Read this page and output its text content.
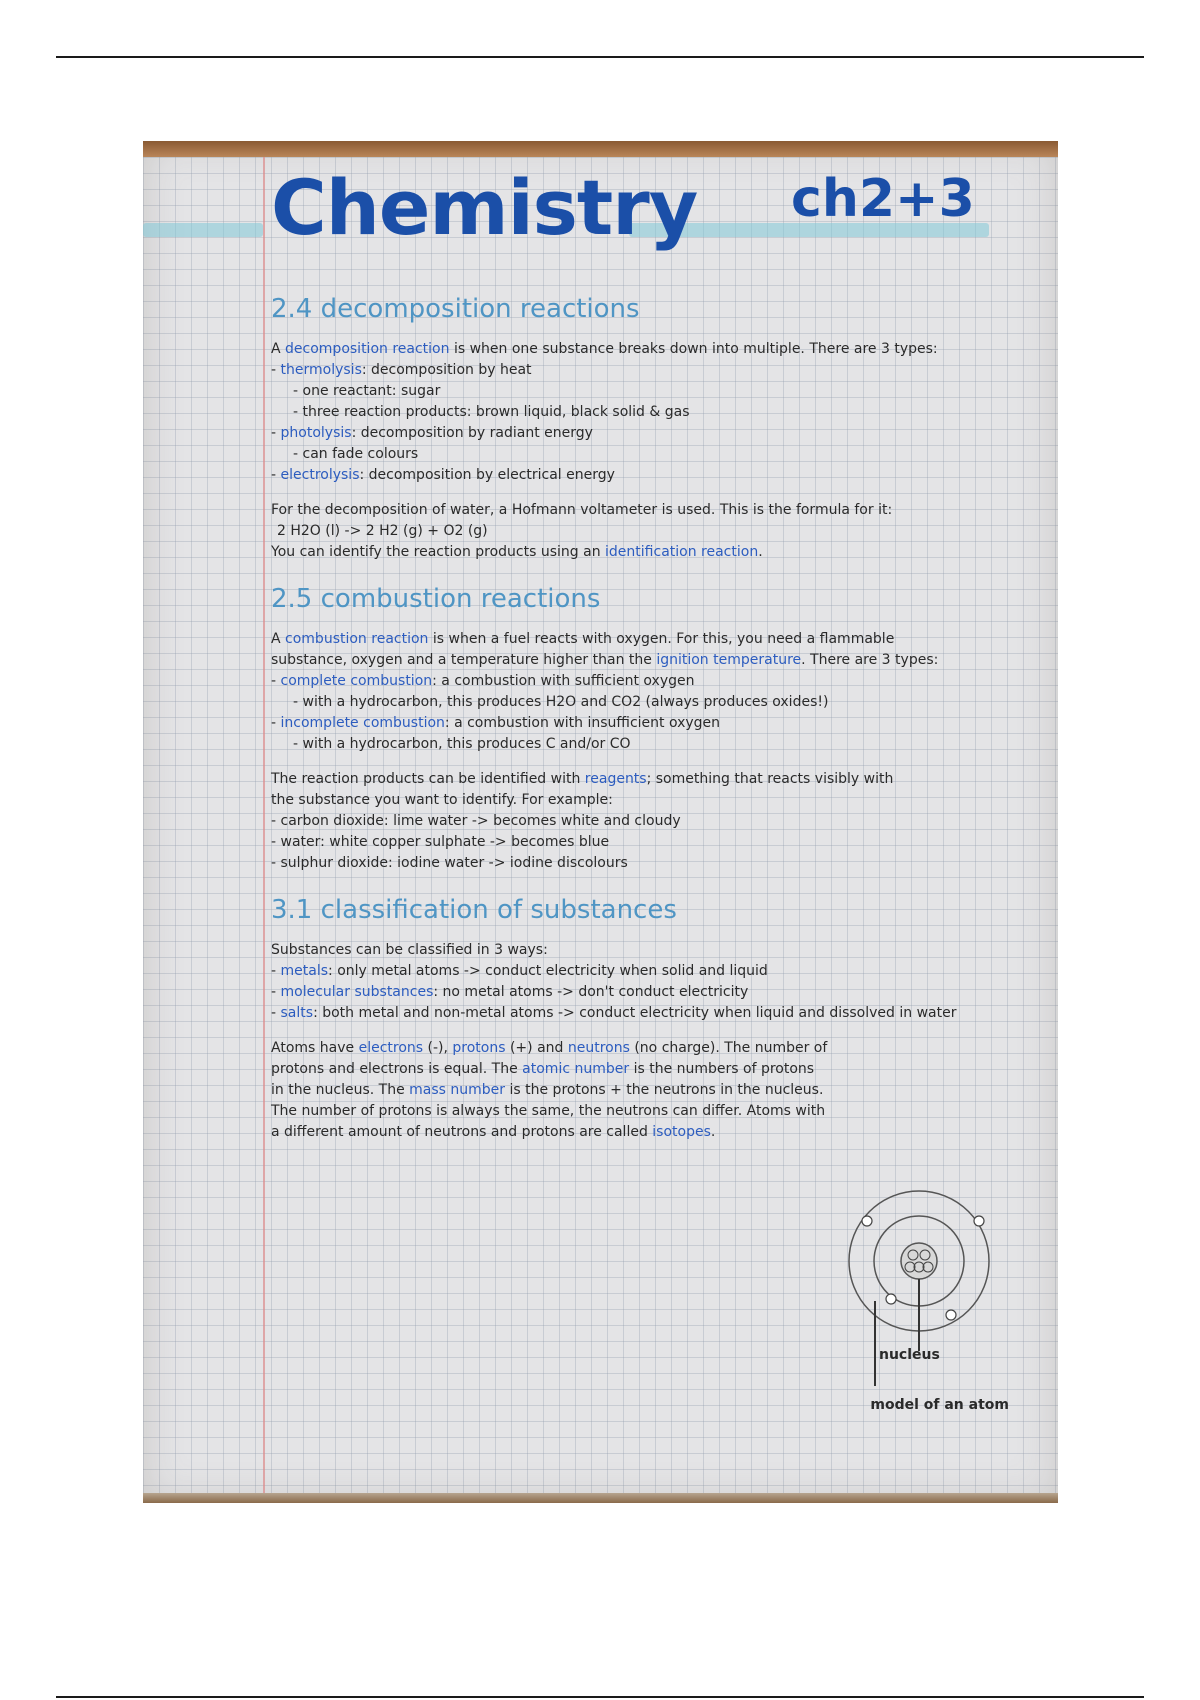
Chemistry ch2+3
2.4 decomposition reactions

A decomposition reaction is when one substance breaks down into multiple. There are 3 types:

- thermolysis: decomposition by heat

- one reactant: sugar

- three reaction products: brown liquid, black solid & gas

- photolysis: decomposition by radiant energy

- can fade colours

- electrolysis: decomposition by electrical energy

For the decomposition of water, a Hofmann voltameter is used. This is the formula for it:

2 H2O (l) -> 2 H2 (g) + O2 (g)

You can identify the reaction products using an identification reaction.

2.5 combustion reactions

A combustion reaction is when a fuel reacts with oxygen. For this, you need a flammable

substance, oxygen and a temperature higher than the ignition temperature. There are 3 types:

- complete combustion: a combustion with sufficient oxygen

- with a hydrocarbon, this produces H2O and CO2 (always produces oxides!)

- incomplete combustion: a combustion with insufficient oxygen

- with a hydrocarbon, this produces C and/or CO

The reaction products can be identified with reagents; something that reacts visibly with

the substance you want to identify. For example:

- carbon dioxide: lime water -> becomes white and cloudy

- water: white copper sulphate -> becomes blue

- sulphur dioxide: iodine water -> iodine discolours

3.1 classification of substances

Substances can be classified in 3 ways:

- metals: only metal atoms -> conduct electricity when solid and liquid

- molecular substances: no metal atoms -> don't conduct electricity

- salts: both metal and non-metal atoms -> conduct electricity when liquid and dissolved in water

Atoms have electrons (-), protons (+) and neutrons (no charge). The number of protons and electrons is equal. The atomic number is the numbers of protons in the nucleus. The mass number is the protons + the neutrons in the nucleus. The number of protons is always the same, the neutrons can differ. Atoms with a different amount of neutrons and protons are called isotopes.

nucleus
model of an atom
